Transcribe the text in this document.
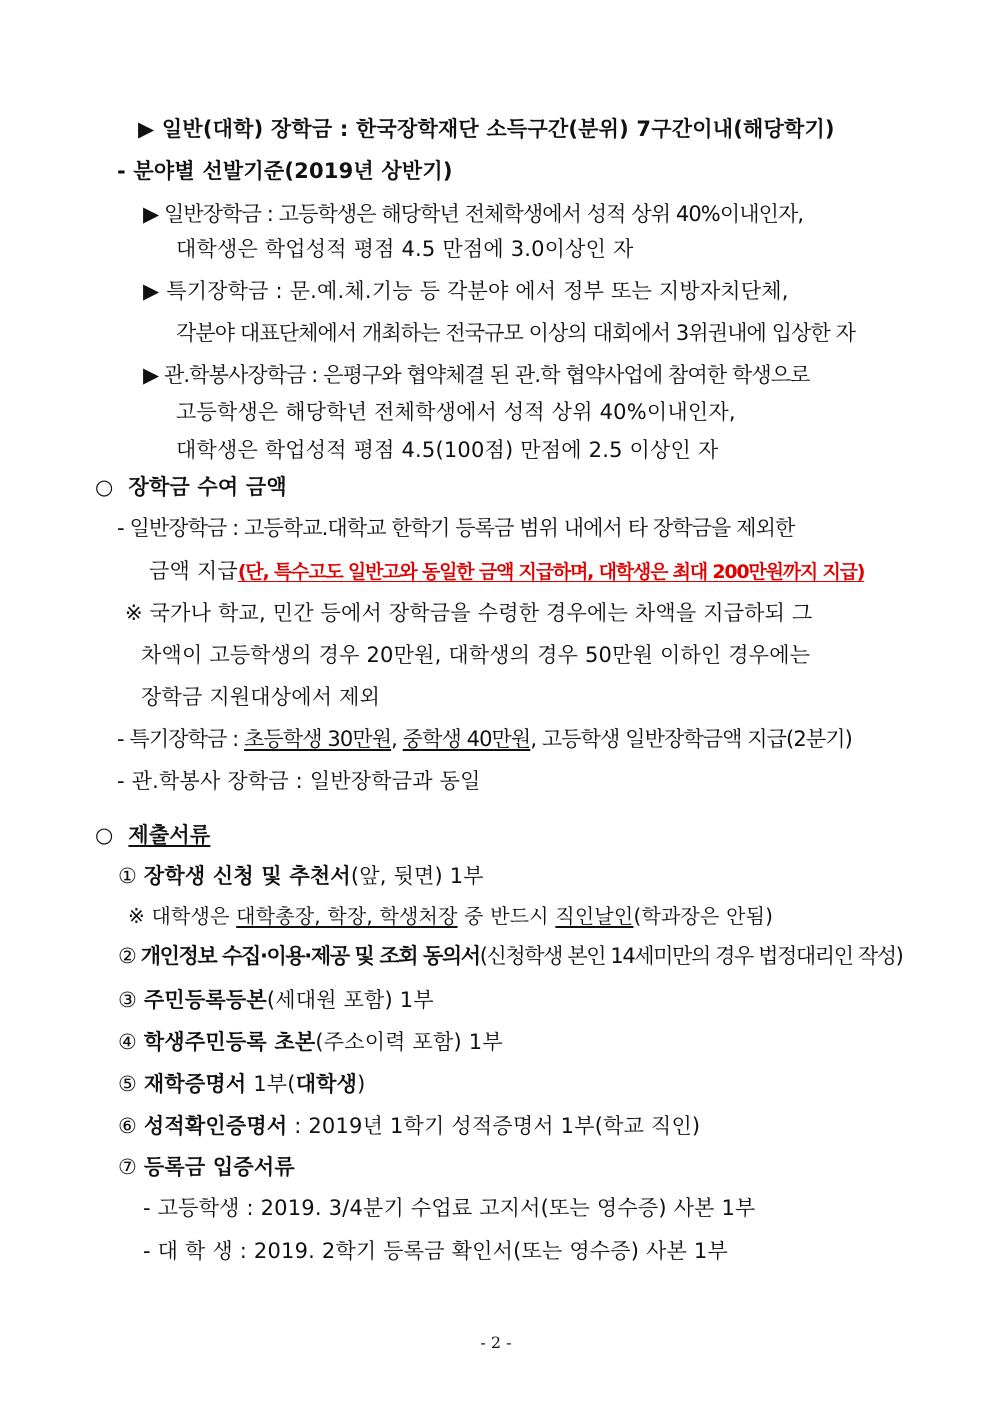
▶ 일반(대학) 장학금 : 한국장학재단 소득구간(분위) 7구간이내(해당학기)
- 분야별 선발기준(2019년 상반기)
▶ 일반장학금 : 고등학생은 해당학년 전체학생에서 성적 상위 40%이내인자,
대학생은 학업성적 평점 4.5 만점에 3.0이상인 자
▶ 특기장학금 : 문.예.체.기능 등 각분야 에서 정부 또는 지방자치단체,
각분야 대표단체에서 개최하는 전국규모 이상의 대회에서 3위권내에 입상한 자
▶ 관.학봉사장학금 : 은평구와 협약체결 된 관.학 협약사업에 참여한 학생으로
고등학생은 해당학년 전체학생에서 성적 상위 40%이내인자,
대학생은 학업성적 평점 4.5(100점) 만점에 2.5 이상인 자
○ 장학금 수여 금액
- 일반장학금 : 고등학교.대학교 한학기 등록금 범위 내에서 타 장학금을 제외한
금액 지급(단, 특수고도 일반고와 동일한 금액 지급하며, 대학생은 최대 200만원까지 지급)
※ 국가나 학교, 민간 등에서 장학금을 수령한 경우에는 차액을 지급하되 그
차액이 고등학생의 경우 20만원, 대학생의 경우 50만원 이하인 경우에는
장학금 지원대상에서 제외
- 특기장학금 : 초등학생 30만원, 중학생 40만원, 고등학생 일반장학금액 지급(2분기)
- 관.학봉사 장학금 : 일반장학금과 동일
○ 제출서류
① 장학생 신청 및 추천서(앞, 뒷면) 1부
※ 대학생은 대학총장, 학장, 학생처장 중 반드시 직인날인(학과장은 안됨)
② 개인정보 수집·이용·제공 및 조회 동의서(신청학생 본인 14세미만의 경우 법정대리인 작성)
③ 주민등록등본(세대원 포함) 1부
④ 학생주민등록 초본(주소이력 포함) 1부
⑤ 재학증명서 1부(대학생)
⑥ 성적확인증명서 : 2019년 1학기 성적증명서 1부(학교 직인)
⑦ 등록금 입증서류
- 고등학생 : 2019. 3/4분기 수업료 고지서(또는 영수증) 사본 1부
- 대 학 생 : 2019. 2학기 등록금 확인서(또는 영수증) 사본 1부
- 2 -
